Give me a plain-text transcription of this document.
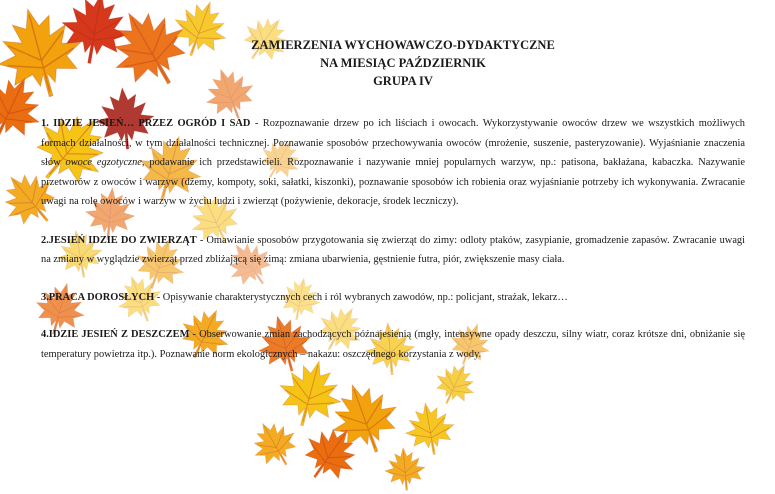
ZAMIERZENIA WYCHOWAWCZO-DYDAKTYCZNE

NA MIESIĄC PAŹDZIERNIK

GRUPA IV

1. IDZIE JESIEŃ… PRZEZ OGRÓD I SAD - Rozpoznawanie drzew po ich liściach i owocach. Wykorzystywanie owoców drzew we wszystkich możliwych formach działalności, w tym działalności technicznej. Poznawanie sposobów przechowywania owoców (mrożenie, suszenie, pasteryzowanie). Wyjaśnianie znaczenia słów owoce egzotyczne, podawanie ich przedstawicieli. Rozpoznawanie i nazywanie mniej popularnych warzyw, np.: patisona, bakłażana, kabaczka. Nazywanie przetworów z owoców i warzyw (dżemy, kompoty, soki, sałatki, kiszonki), poznawanie sposobów ich robienia oraz wyjaśnianie potrzeby ich wykonywania. Zwracanie uwagi na rolę owoców i warzyw w życiu ludzi i zwierząt (pożywienie, dekoracje, środek leczniczy).

2.JESIEŃ IDZIE DO ZWIERZĄT - Omawianie sposobów przygotowania się zwierząt do zimy: odloty ptaków, zasypianie, gromadzenie zapasów. Zwracanie uwagi na zmiany w wyglądzie zwierząt przed zbliżającą się zimą: zmiana ubarwienia, gęstnienie futra, piór, zwiększenie masy ciała.

3.PRACA DOROSŁYCH - Opisywanie charakterystycznych cech i ról wybranych zawodów, np.: policjant, strażak, lekarz…

4.IDZIE JESIEŃ Z DESZCZEM - Obserwowanie zmian zachodzących późnajesienią (mgły, intensywne opady deszczu, silny wiatr, coraz krótsze dni, obniżanie się temperatury powietrza itp.). Poznawanie norm ekologicznych – nakazu: oszczędnego korzystania z wody.
